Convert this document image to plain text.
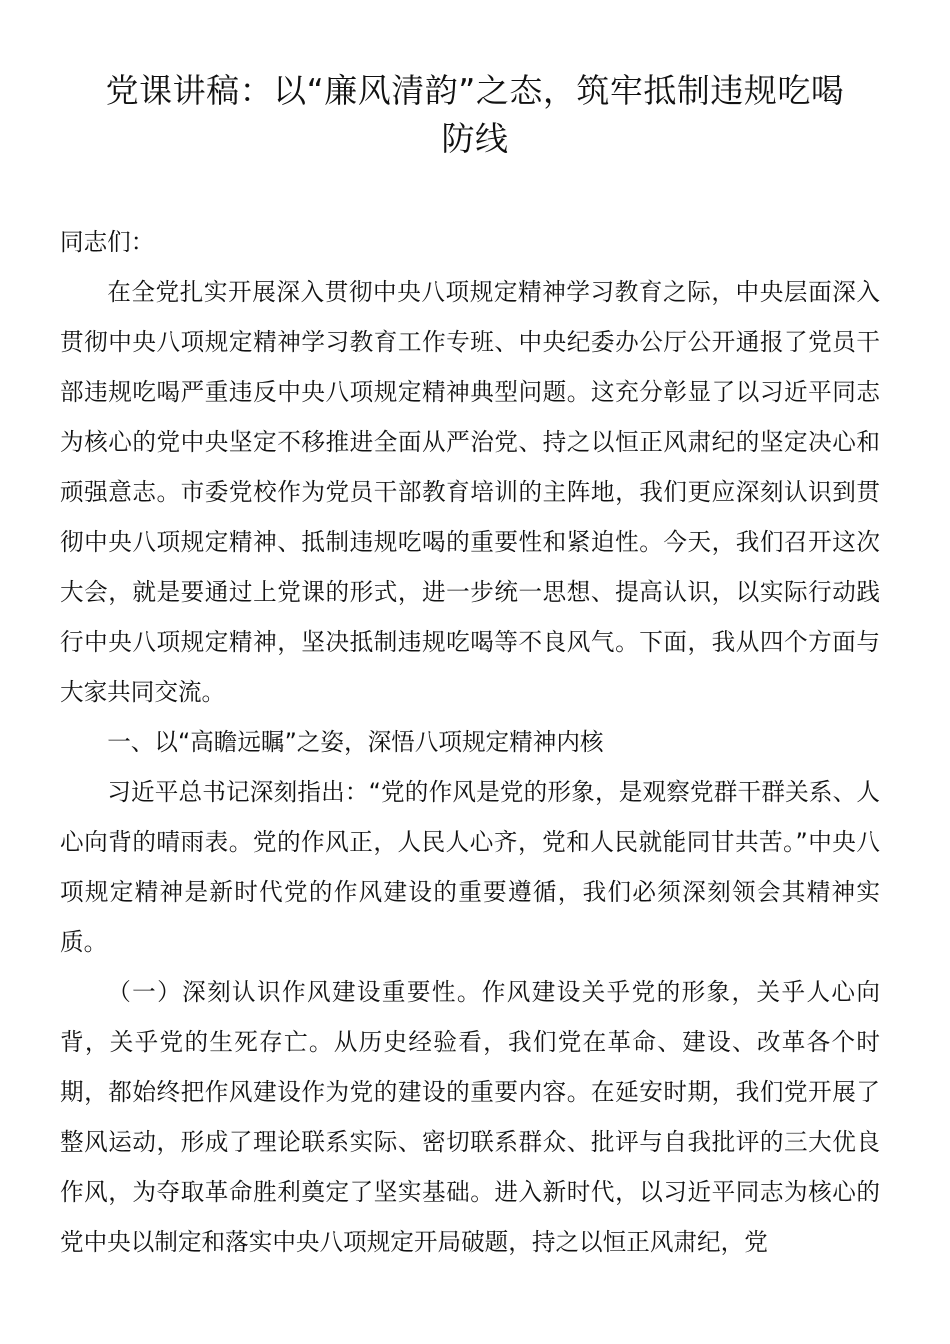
党课讲稿：以“廉风清韵”之态，筑牢抵制违规吃喝
防线

同志们：

在全党扎实开展深入贯彻中央八项规定精神学习教育之际，中央层面深入贯彻中央八项规定精神学习教育工作专班、中央纪委办公厅公开通报了党员干部违规吃喝严重违反中央八项规定精神典型问题。这充分彰显了以习近平同志为核心的党中央坚定不移推进全面从严治党、持之以恒正风肃纪的坚定决心和顽强意志。市委党校作为党员干部教育培训的主阵地，我们更应深刻认识到贯彻中央八项规定精神、抵制违规吃喝的重要性和紧迫性。今天，我们召开这次大会，就是要通过上党课的形式，进一步统一思想、提高认识，以实际行动践行中央八项规定精神，坚决抵制违规吃喝等不良风气。下面，我从四个方面与大家共同交流。

一、以“高瞻远瞩”之姿，深悟八项规定精神内核

习近平总书记深刻指出：“党的作风是党的形象，是观察党群干群关系、人心向背的晴雨表。党的作风正，人民人心齐，党和人民就能同甘共苦。”中央八项规定精神是新时代党的作风建设的重要遵循，我们必须深刻领会其精神实质。

（一）深刻认识作风建设重要性。作风建设关乎党的形象，关乎人心向背，关乎党的生死存亡。从历史经验看，我们党在革命、建设、改革各个时期，都始终把作风建设作为党的建设的重要内容。在延安时期，我们党开展了整风运动，形成了理论联系实际、密切联系群众、批评与自我批评的三大优良作风，为夺取革命胜利奠定了坚实基础。进入新时代，以习近平同志为核心的党中央以制定和落实中央八项规定开局破题，持之以恒正风肃纪，党
